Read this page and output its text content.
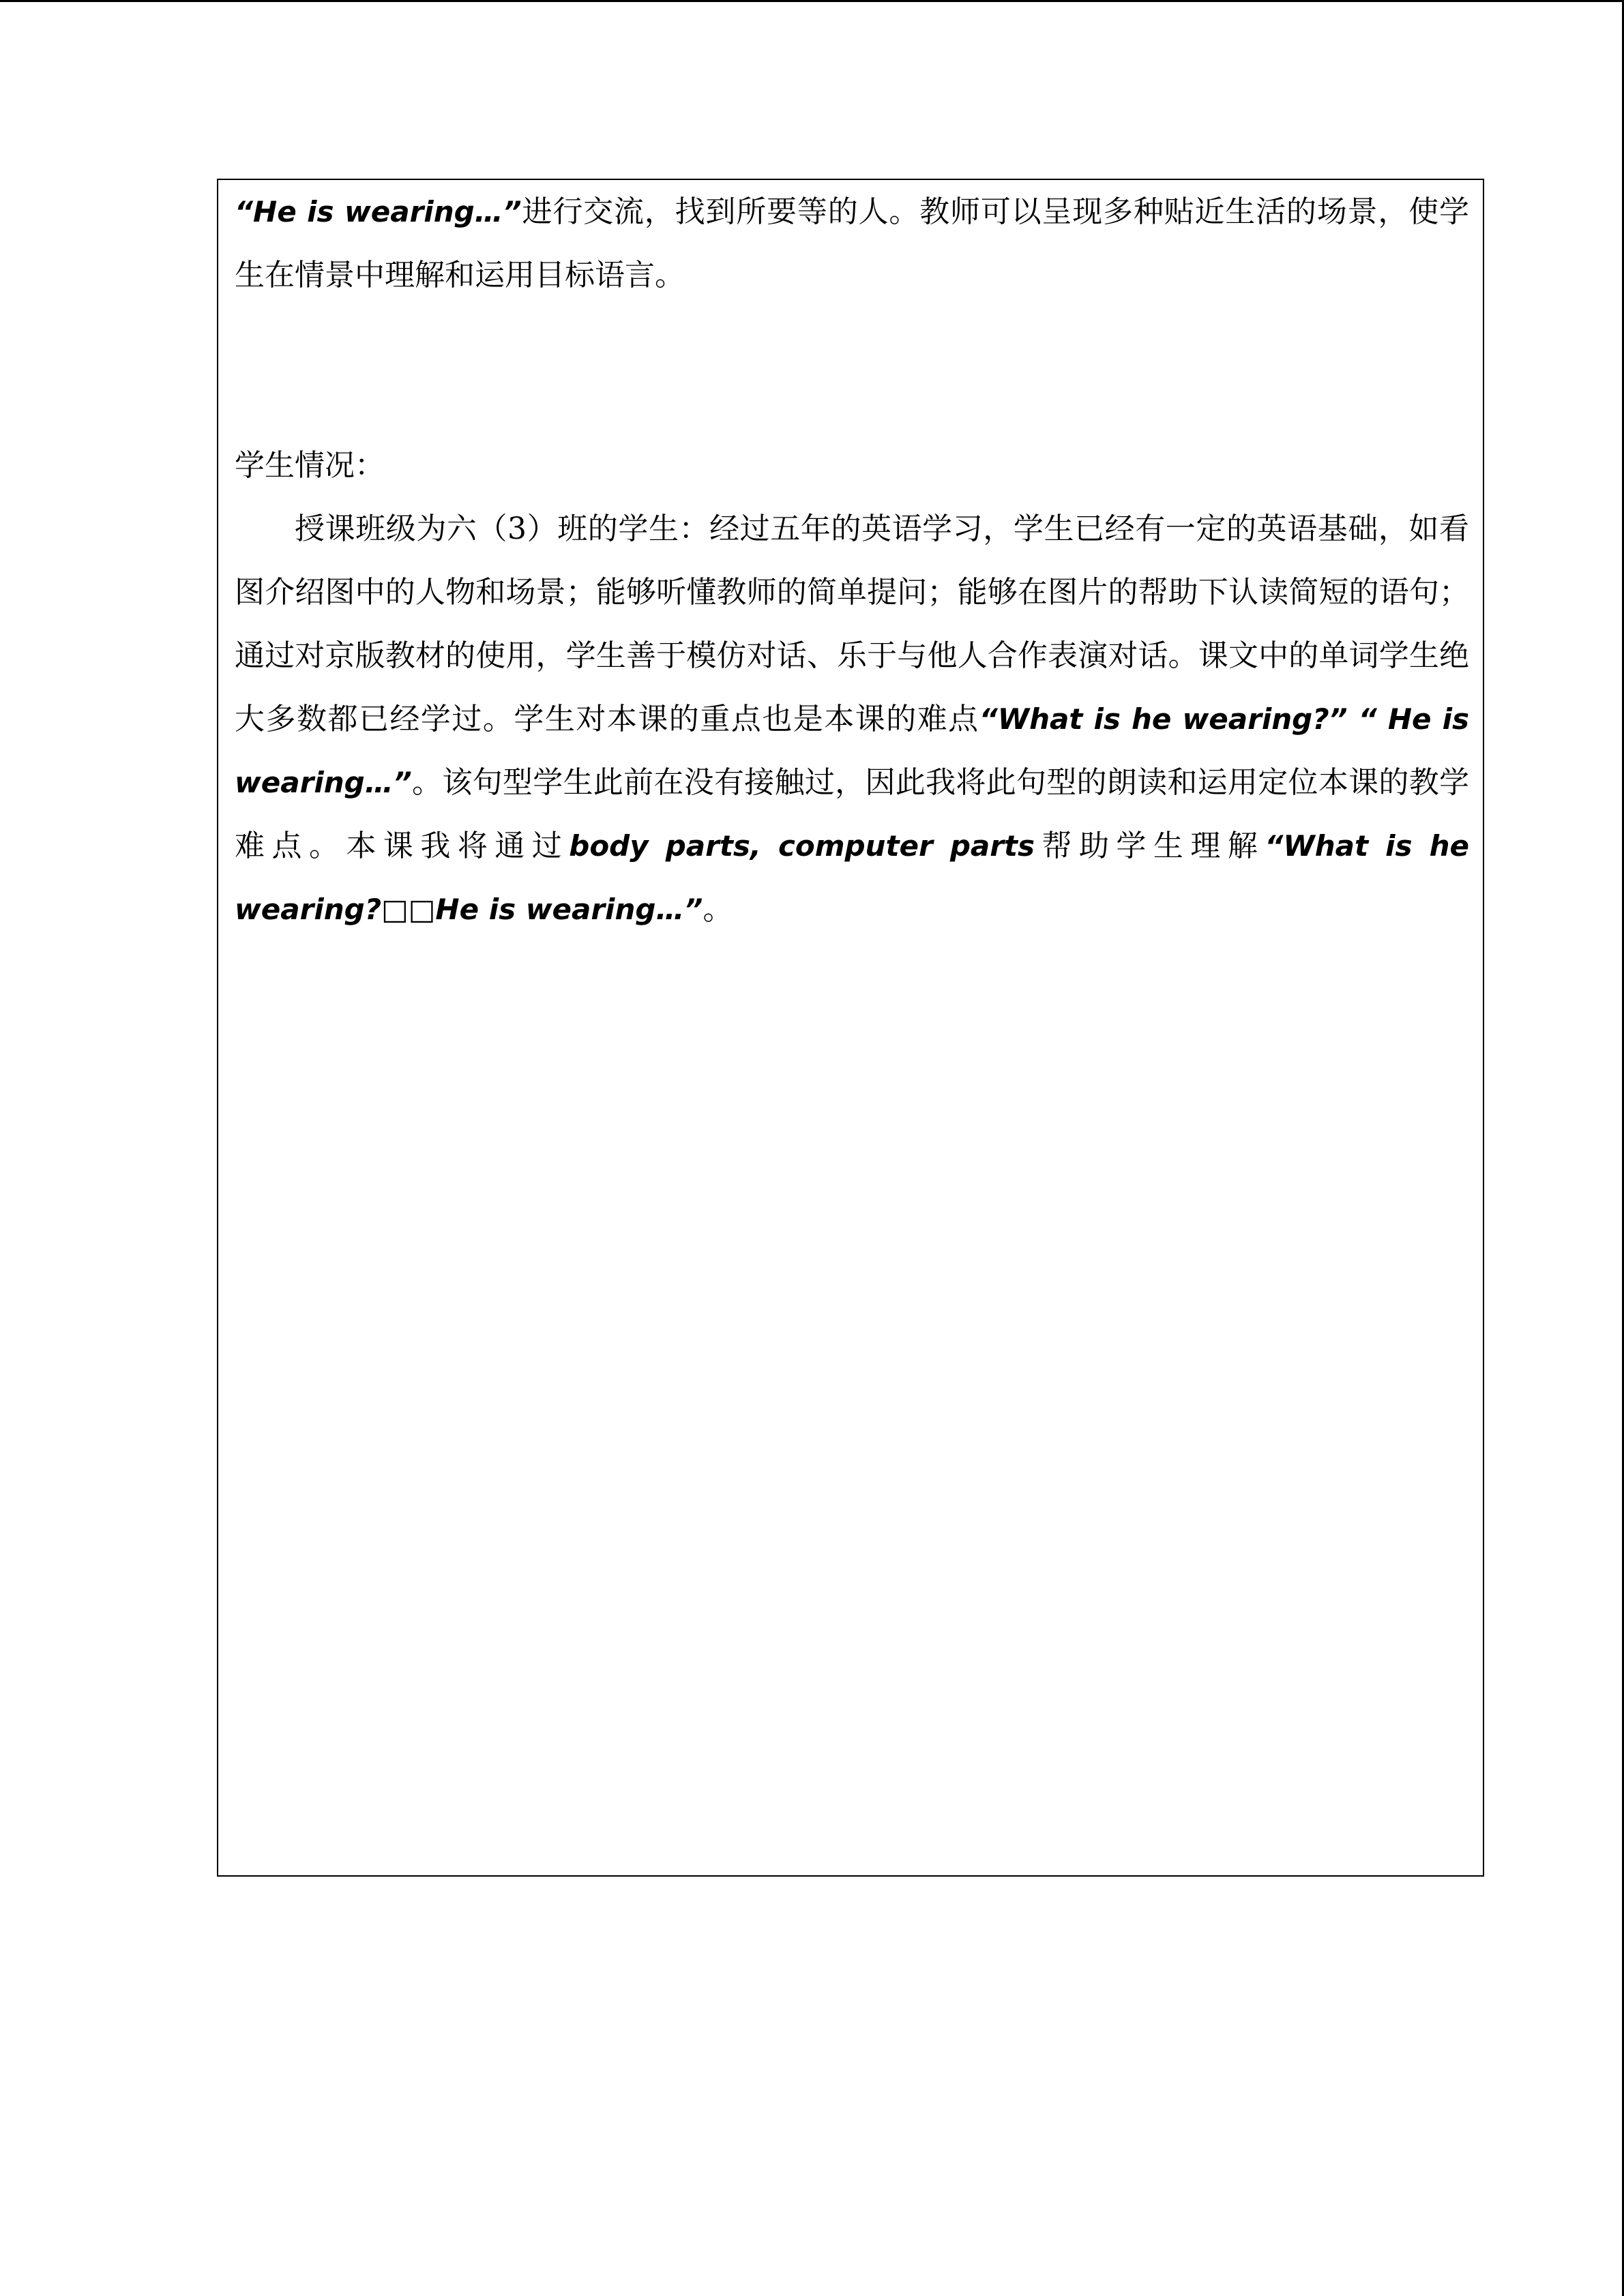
“He is wearing…”进行交流，找到所要等的人。教师可以呈现多种贴近生活的场景，使学生在情景中理解和运用目标语言。

学生情况：

授课班级为六（3）班的学生：经过五年的英语学习，学生已经有一定的英语基础，如看图介绍图中的人物和场景；能够听懂教师的简单提问；能够在图片的帮助下认读简短的语句；通过对京版教材的使用，学生善于模仿对话、乐于与他人合作表演对话。课文中的单词学生绝大多数都已经学过。学生对本课的重点也是本课的难点“What is he wearing?” “ He is wearing…”。该句型学生此前在没有接触过，因此我将此句型的朗读和运用定位本课的教学难点。本课我将通过body parts, computer parts帮助学生理解“What is he wearing?□□He is wearing…”。
